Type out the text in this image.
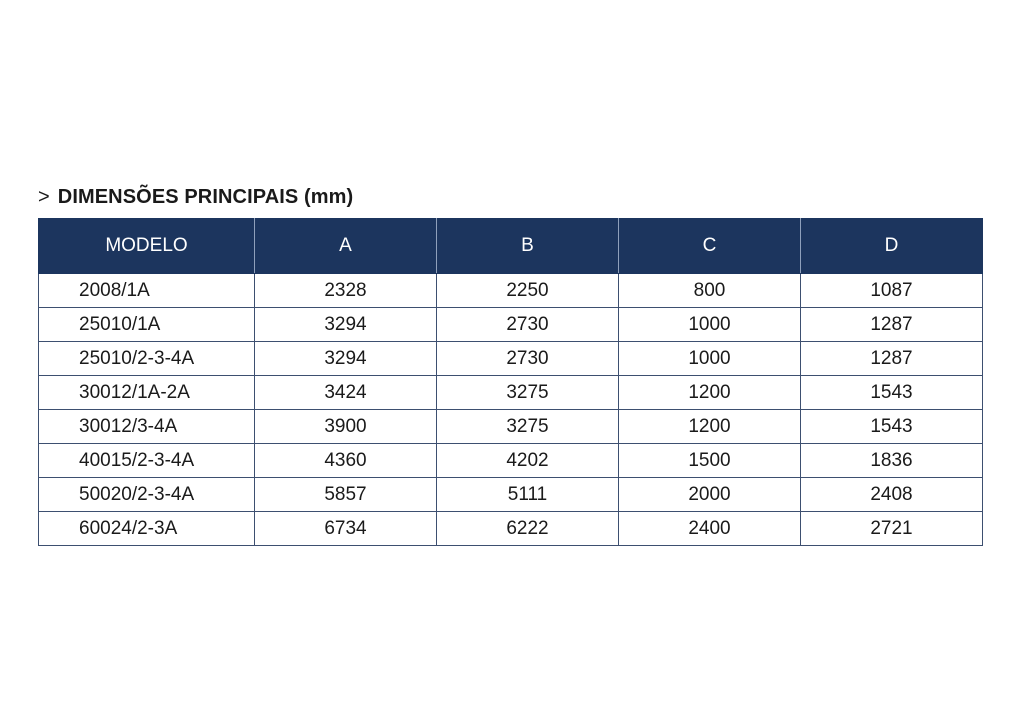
> DIMENSÕES PRINCIPAIS (mm)
MODELO	A	B	C	D
2008/1A	2328	2250	800	1087
25010/1A	3294	2730	1000	1287
25010/2-3-4A	3294	2730	1000	1287
30012/1A-2A	3424	3275	1200	1543
30012/3-4A	3900	3275	1200	1543
40015/2-3-4A	4360	4202	1500	1836
50020/2-3-4A	5857	5111	2000	2408
60024/2-3A	6734	6222	2400	2721
